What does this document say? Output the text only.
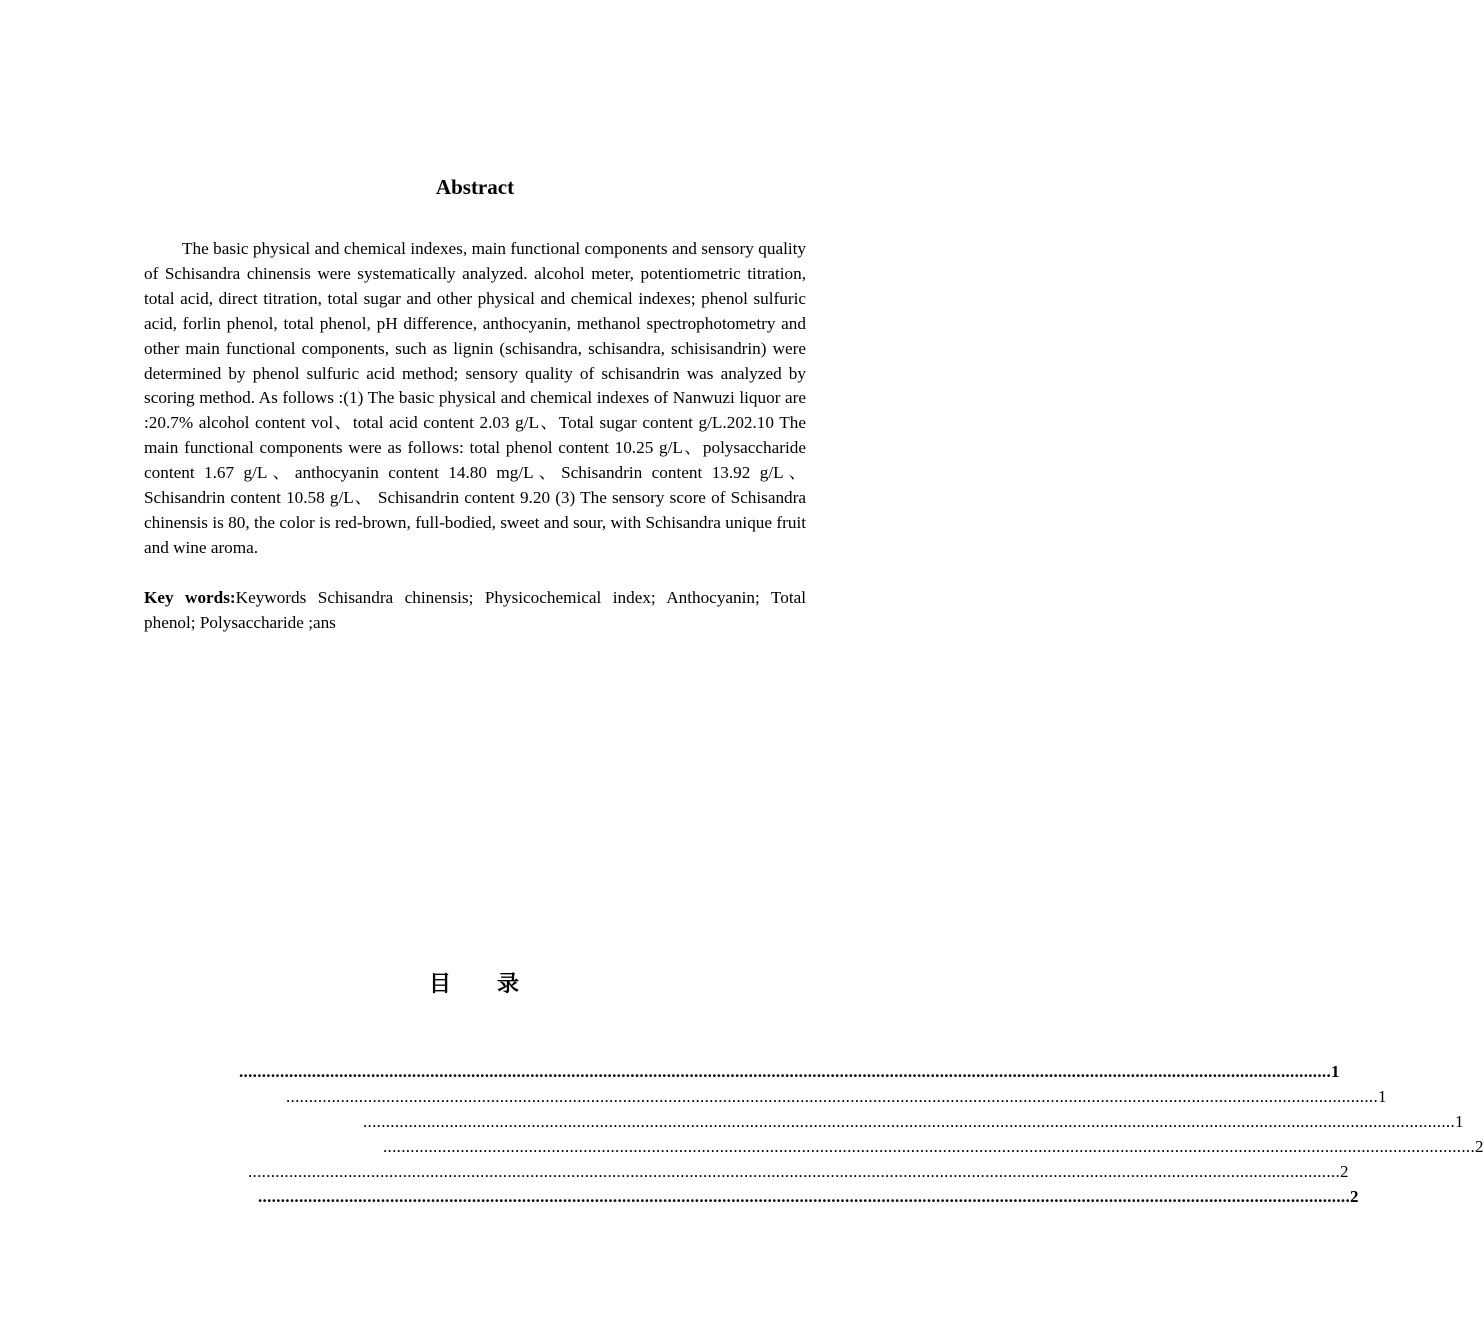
Abstract

The basic physical and chemical indexes, main functional components and sensory quality of Schisandra chinensis were systematically analyzed. alcohol meter, potentiometric titration, total acid, direct titration, total sugar and other physical and chemical indexes; phenol sulfuric acid, forlin phenol, total phenol, pH difference, anthocyanin, methanol spectrophotometry and other main functional components, such as lignin (schisandra, schisandra, schisisandrin) were determined by phenol sulfuric acid method; sensory quality of schisandrin was analyzed by scoring method. As follows :(1) The basic physical and chemical indexes of Nanwuzi liquor are :20.7% alcohol content vol、total acid content 2.03 g/L、Total sugar content g/L.202.10 The main functional components were as follows: total phenol content 10.25 g/L、polysaccharide content 1.67 g/L、anthocyanin content 14.80 mg/L、Schisandrin content 13.92 g/L、 Schisandrin content 10.58 g/L、 Schisandrin content 9.20 (3) The sensory score of Schisandra chinensis is 80, the color is red-brown, full-bodied, sweet and sour, with Schisandra unique fruit and wine aroma.

Key words:Keywords Schisandra chinensis; Physicochemical index; Anthocyanin; Total phenol; Polysaccharide ;ans

目 录
................................................................................................................................................................................................................................................ 1
................................................................................................................................................................................................................................................ 1
................................................................................................................................................................................................................................................ 1
................................................................................................................................................................................................................................................ 2
................................................................................................................................................................................................................................................ 2
................................................................................................................................................................................................................................................ 2
